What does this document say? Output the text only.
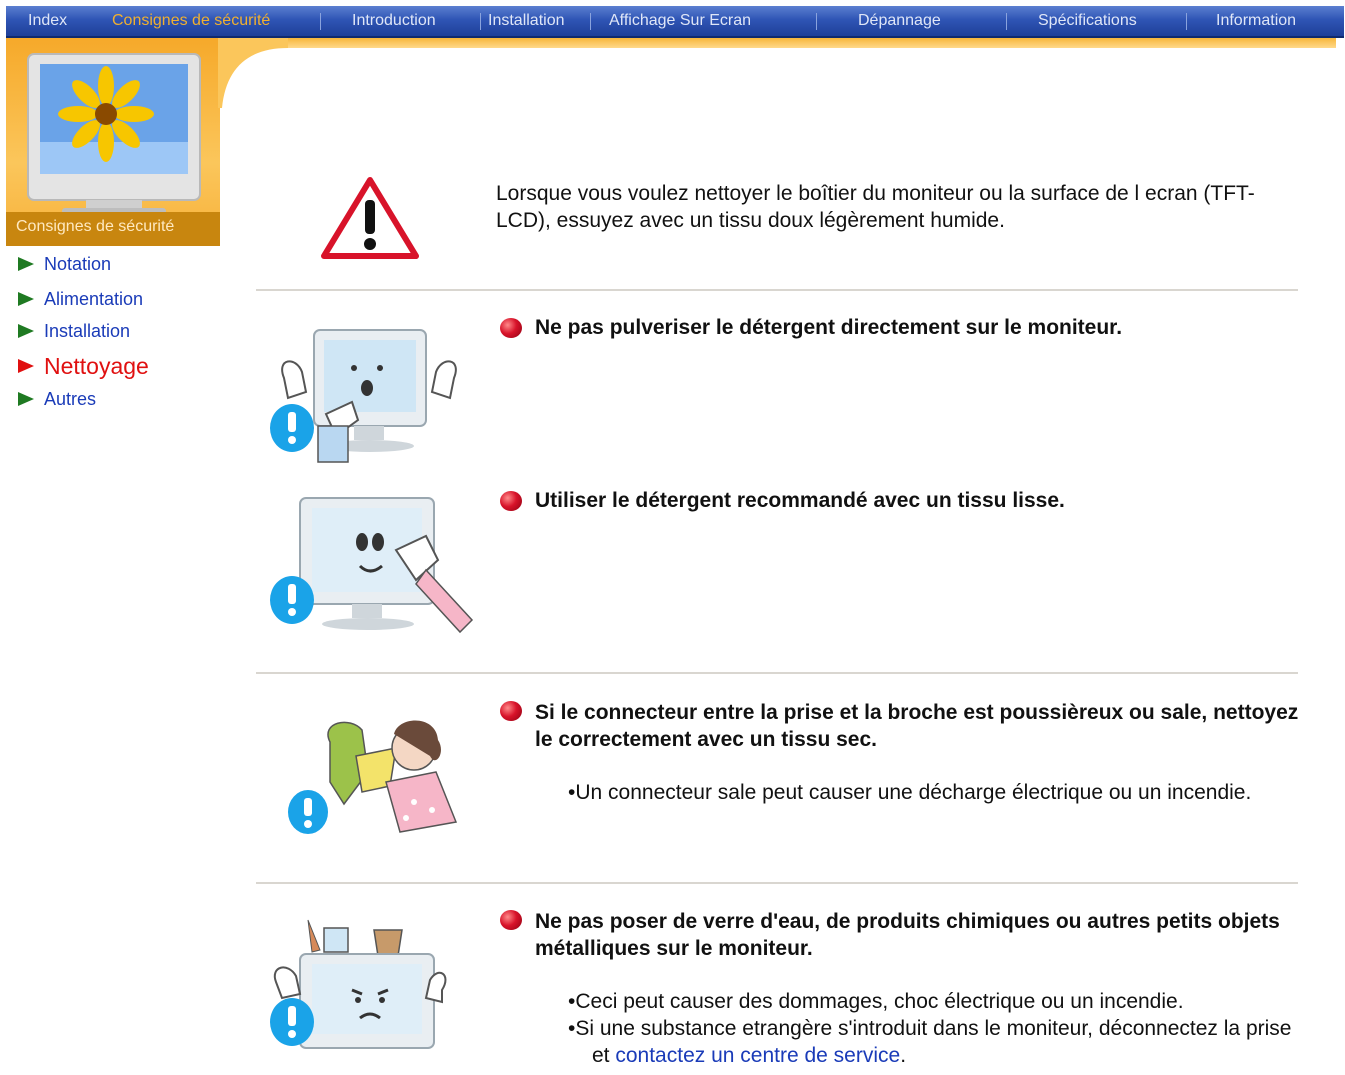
Index	Consignes de sécurité	Introduction	Installation	Affichage Sur Ecran	Dépannage	Spécifications	Information
Consignes de sécurité
Notation
Alimentation
Installation
Nettoyage
Autres
Lorsque vous voulez nettoyer le boîtier du moniteur ou la surface de l ecran (TFT-LCD), essuyez avec un tissu doux légèrement humide.
Ne pas pulveriser le détergent directement sur le moniteur.
Utiliser le détergent recommandé avec un tissu lisse.
Si le connecteur entre la prise et la broche est poussièreux ou sale, nettoyez le correctement avec un tissu sec.
•Un connecteur sale peut causer une décharge électrique ou un incendie.
Ne pas poser de verre d'eau, de produits chimiques ou autres petits objets métalliques sur le moniteur.
•Ceci peut causer des dommages, choc électrique ou un incendie.
•Si une substance etrangère s'introduit dans le moniteur, déconnectez la prise et contactez un centre de service.
